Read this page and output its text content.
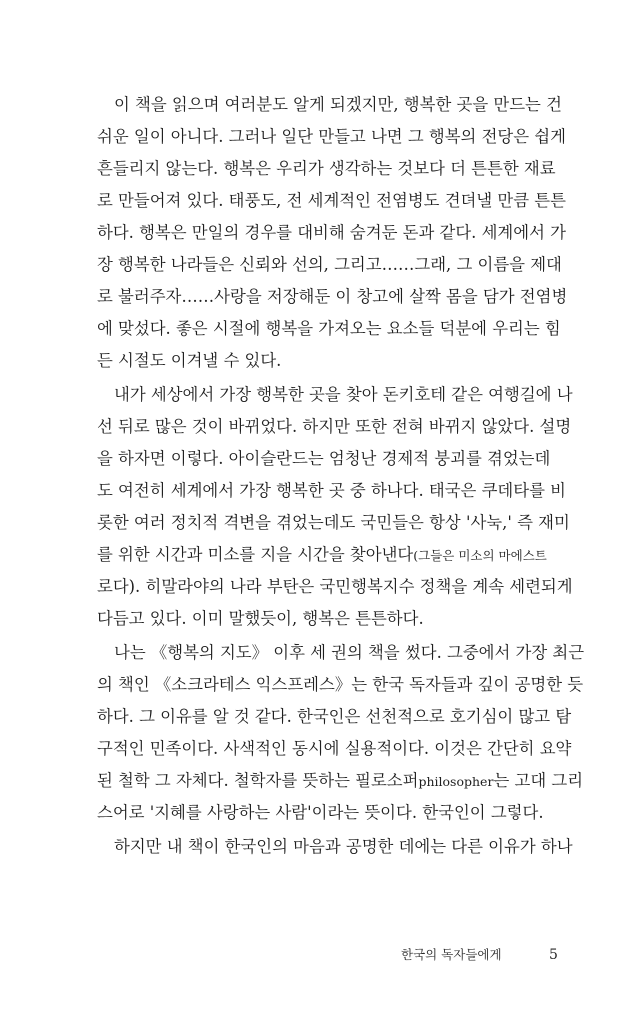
이 책을 읽으며 여러분도 알게 되겠지만, 행복한 곳을 만드는 건
쉬운 일이 아니다. 그러나 일단 만들고 나면 그 행복의 전당은 쉽게
흔들리지 않는다. 행복은 우리가 생각하는 것보다 더 튼튼한 재료
로 만들어져 있다. 태풍도, 전 세계적인 전염병도 견뎌낼 만큼 튼튼
하다. 행복은 만일의 경우를 대비해 숨겨둔 돈과 같다. 세계에서 가
장 행복한 나라들은 신뢰와 선의, 그리고……그래, 그 이름을 제대
로 불러주자……사랑을 저장해둔 이 창고에 살짝 몸을 담가 전염병
에 맞섰다. 좋은 시절에 행복을 가져오는 요소들 덕분에 우리는 힘
든 시절도 이겨낼 수 있다.
내가 세상에서 가장 행복한 곳을 찾아 돈키호테 같은 여행길에 나
선 뒤로 많은 것이 바뀌었다. 하지만 또한 전혀 바뀌지 않았다. 설명
을 하자면 이렇다. 아이슬란드는 엄청난 경제적 붕괴를 겪었는데
도 여전히 세계에서 가장 행복한 곳 중 하나다. 태국은 쿠데타를 비
롯한 여러 정치적 격변을 겪었는데도 국민들은 항상 '사눅,' 즉 재미
를 위한 시간과 미소를 지을 시간을 찾아낸다(그들은 미소의 마에스트
로다). 히말라야의 나라 부탄은 국민행복지수 정책을 계속 세련되게
다듬고 있다. 이미 말했듯이, 행복은 튼튼하다.
나는 《행복의 지도》 이후 세 권의 책을 썼다. 그중에서 가장 최근
의 책인 《소크라테스 익스프레스》는 한국 독자들과 깊이 공명한 듯
하다. 그 이유를 알 것 같다. 한국인은 선천적으로 호기심이 많고 탐
구적인 민족이다. 사색적인 동시에 실용적이다. 이것은 간단히 요약
된 철학 그 자체다. 철학자를 뜻하는 필로소퍼philosopher는 고대 그리
스어로 '지혜를 사랑하는 사람'이라는 뜻이다. 한국인이 그렇다.
하지만 내 책이 한국인의 마음과 공명한 데에는 다른 이유가 하나
한국의 독자들에게	5
